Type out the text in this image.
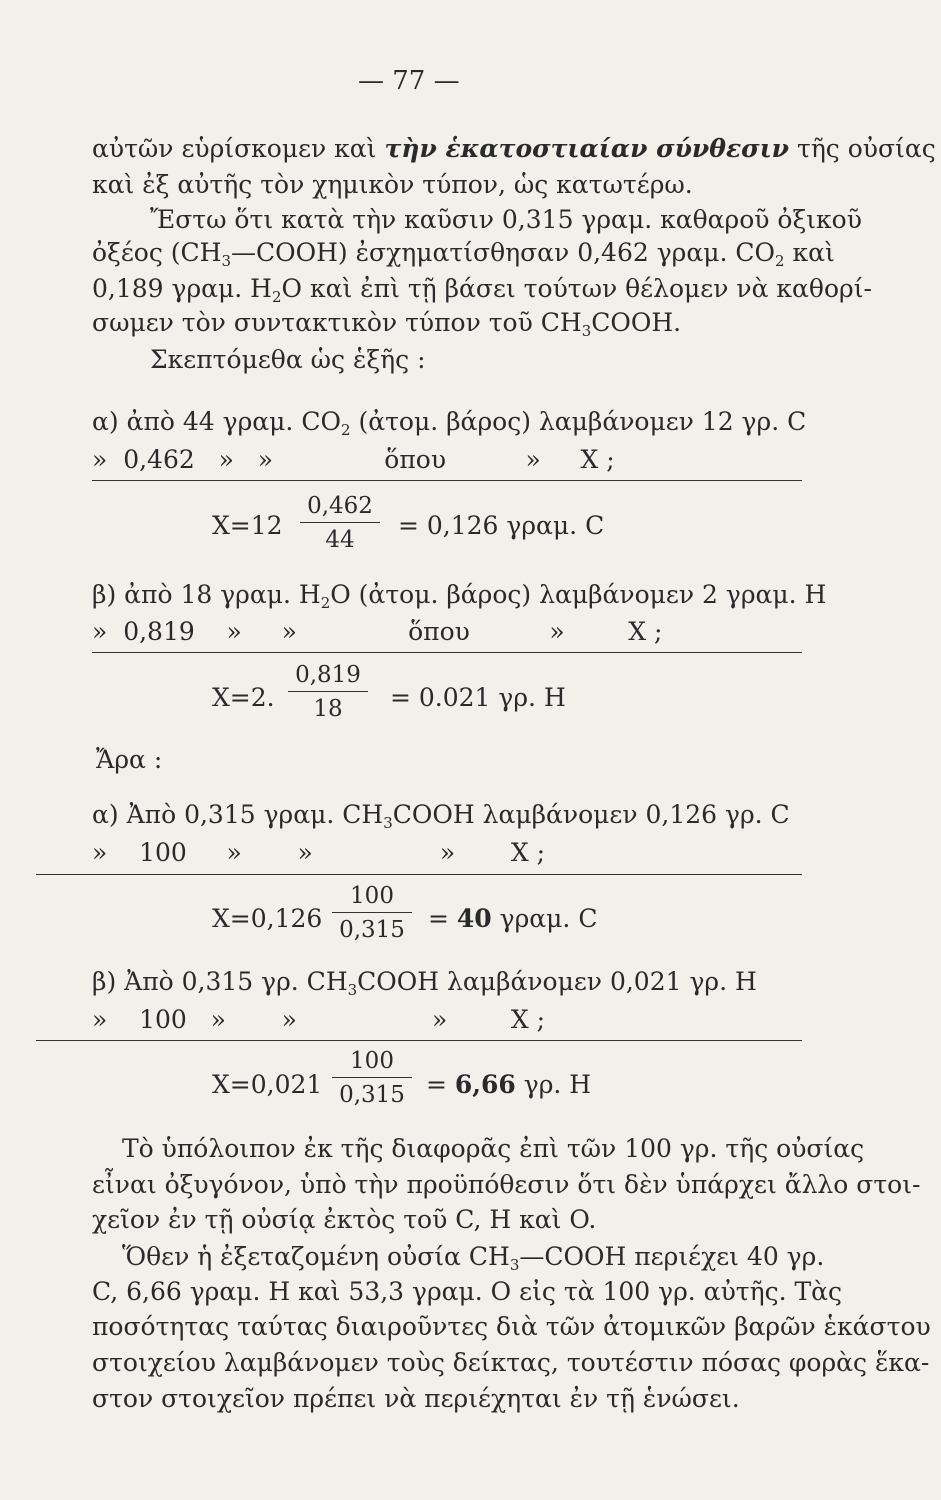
— 77 —
αὐτῶν εὑρίσκομεν καὶ τὴν ἑκατοστιαίαν σύνθεσιν τῆς οὐσίας
καὶ ἐξ αὐτῆς τὸν χημικὸν τύπον, ὡς κατωτέρω.
Ἔστω ὅτι κατὰ τὴν καῦσιν 0,315 γραμ. καθαροῦ ὀξικοῦ
ὀξέος $(CH_3—COOH)$ ἐσχηματίσθησαν 0,462 γραμ. $CO_2$ καὶ
0,189 γραμ. $H_2O$ καὶ ἐπὶ τῇ βάσει τούτων θέλομεν νὰ καθορί-
σωμεν τὸν συντακτικὸν τύπον τοῦ $CH_3COOH$.
Σκεπτόμεθα ὡς ἑξῆς :
α) ἀπὸ 44 γραμ. $CO_2$ (ἀτομ. βάρος) λαμβάνομεν 12 γρ. C
»  0,462   »   »              ὅπου          »     X ;
X=12
0,462
44	= 0,126 γραμ. C
β) ἀπὸ 18 γραμ. $H_2O$ (ἀτομ. βάρος) λαμβάνομεν 2 γραμ. H
»  0,819    »     »              ὅπου          »        X ;
X=2.
0,819
18	= 0.021 γρ. H
Ἄρα :
α) Ἀπὸ 0,315 γραμ. $CH_3COOH$ λαμβάνομεν 0,126 γρ. C
»    100     »       »                »       X ;
X=0,126
100
0,315 = 40 γραμ. C
β) Ἀπὸ 0,315 γρ. $CH_3COOH$ λαμβάνομεν 0,021 γρ. H
»    100   »       »                 »        X ;
X=0,021
100
0,315 = 6,66 γρ. H
Τὸ ὑπόλοιπον ἐκ τῆς διαφορᾶς ἐπὶ τῶν 100 γρ. τῆς οὐσίας
εἶναι ὀξυγόνον, ὑπὸ τὴν προϋπόθεσιν ὅτι δὲν ὑπάρχει ἄλλο στοι-
χεῖον ἐν τῇ οὐσίᾳ ἐκτὸς τοῦ C, H καὶ O.
Ὅθεν ἡ ἐξεταζομένη οὐσία $CH_3—COOH$ περιέχει 40 γρ.
C, 6,66 γραμ. H καὶ 53,3 γραμ. O εἰς τὰ 100 γρ. αὐτῆς. Τὰς
ποσότητας ταύτας διαιροῦντες διὰ τῶν ἀτομικῶν βαρῶν ἑκάστου
στοιχείου λαμβάνομεν τοὺς δείκτας, τουτέστιν πόσας φορὰς ἕκα-
στον στοιχεῖον πρέπει νὰ περιέχηται ἐν τῇ ἑνώσει.
